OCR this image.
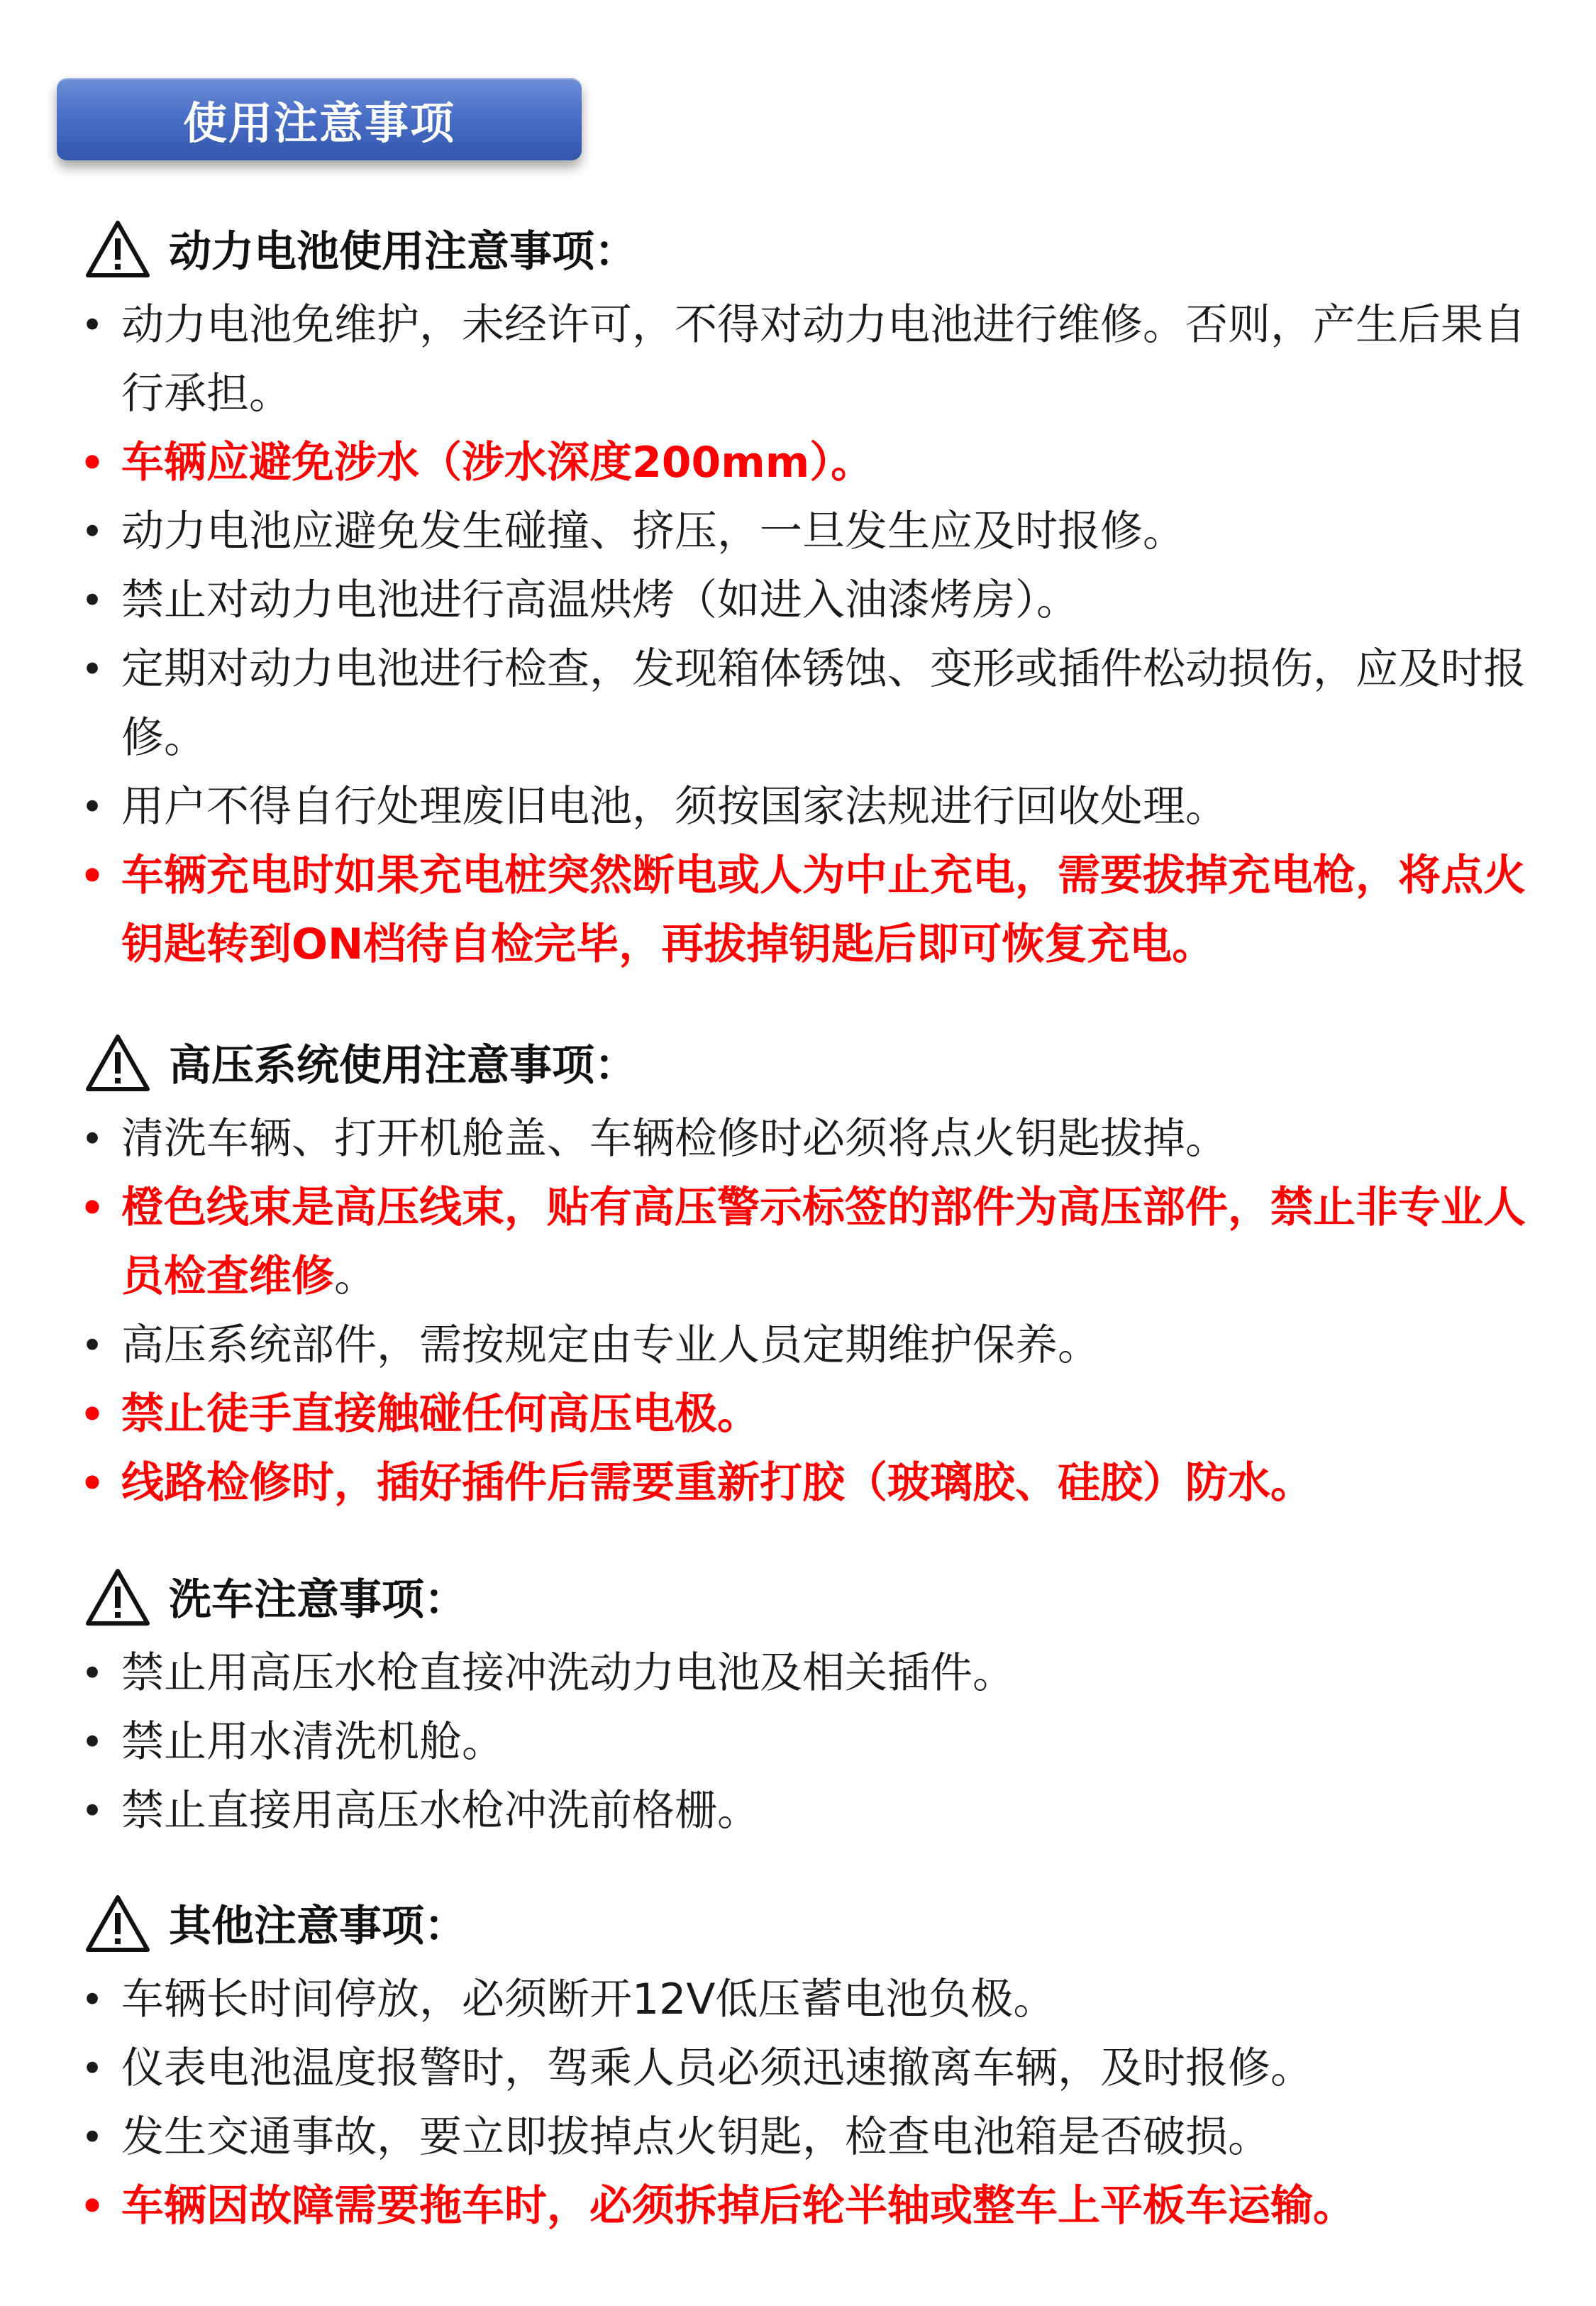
使用注意事项
动力电池使用注意事项：
• 动力电池免维护，未经许可，不得对动力电池进行维修。否则，产生后果自行承担。
• 车辆应避免涉水（涉水深度200mm）。
• 动力电池应避免发生碰撞、挤压，一旦发生应及时报修。
• 禁止对动力电池进行高温烘烤（如进入油漆烤房）。
• 定期对动力电池进行检查，发现箱体锈蚀、变形或插件松动损伤，应及时报修。
• 用户不得自行处理废旧电池，须按国家法规进行回收处理。
• 车辆充电时如果充电桩突然断电或人为中止充电，需要拔掉充电枪，将点火钥匙转到ON档待自检完毕，再拔掉钥匙后即可恢复充电。
高压系统使用注意事项：
• 清洗车辆、打开机舱盖、车辆检修时必须将点火钥匙拔掉。
• 橙色线束是高压线束，贴有高压警示标签的部件为高压部件，禁止非专业人员检查维修。
• 高压系统部件，需按规定由专业人员定期维护保养。
• 禁止徒手直接触碰任何高压电极。
• 线路检修时，插好插件后需要重新打胶（玻璃胶、硅胶）防水。
洗车注意事项：
• 禁止用高压水枪直接冲洗动力电池及相关插件。
• 禁止用水清洗机舱。
• 禁止直接用高压水枪冲洗前格栅。
其他注意事项：
• 车辆长时间停放，必须断开12V低压蓄电池负极。
• 仪表电池温度报警时，驾乘人员必须迅速撤离车辆，及时报修。
• 发生交通事故，要立即拔掉点火钥匙，检查电池箱是否破损。
• 车辆因故障需要拖车时，必须拆掉后轮半轴或整车上平板车运输。
